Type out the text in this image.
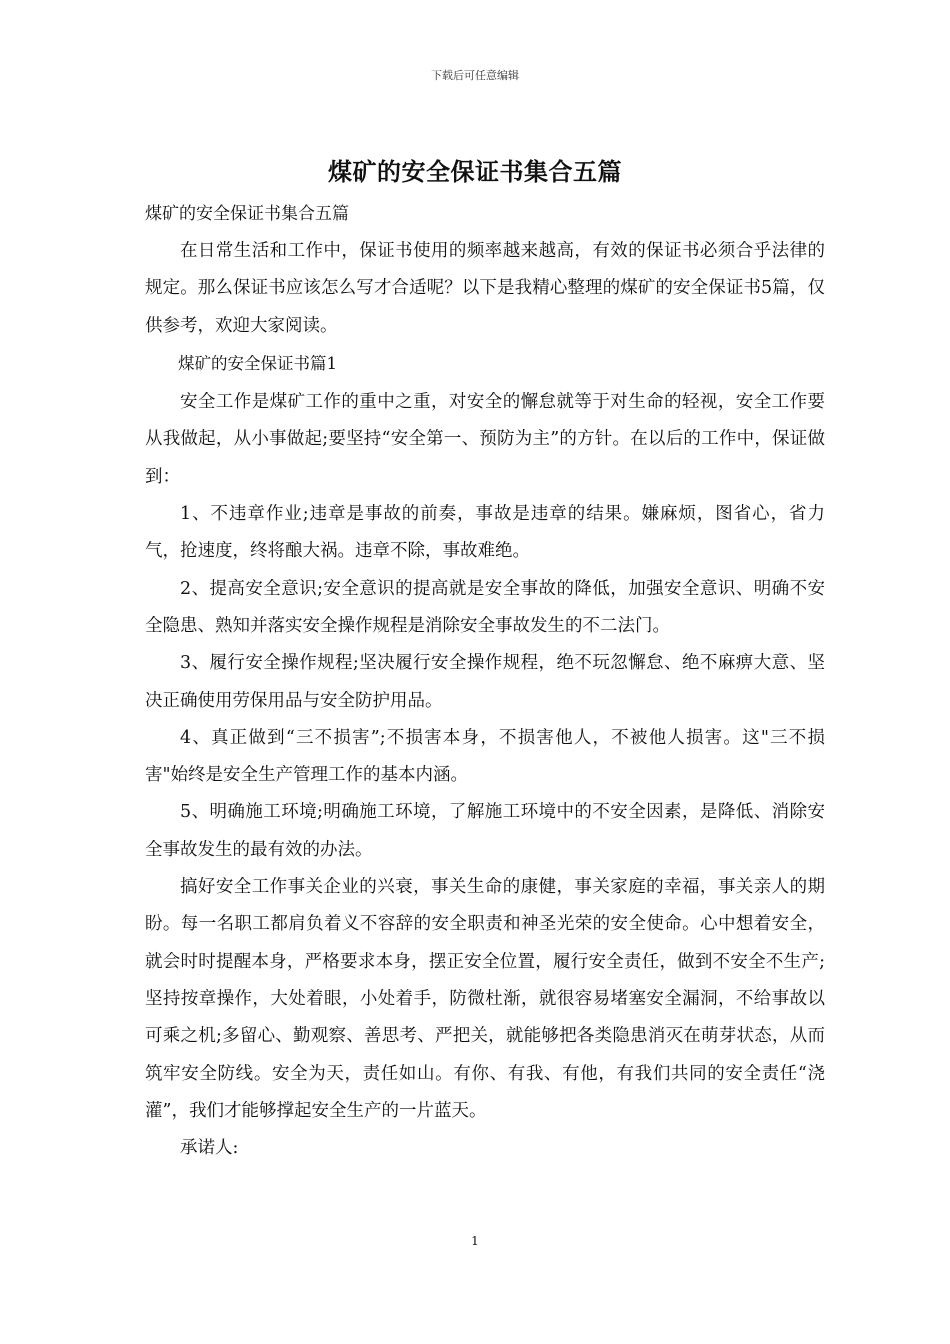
下载后可任意编辑
煤矿的安全保证书集合五篇

煤矿的安全保证书集合五篇

在日常生活和工作中，保证书使用的频率越来越高，有效的保证书必须合乎法律的规定。那么保证书应该怎么写才合适呢？以下是我精心整理的煤矿的安全保证书5篇，仅供参考，欢迎大家阅读。

煤矿的安全保证书篇1

安全工作是煤矿工作的重中之重，对安全的懈怠就等于对生命的轻视，安全工作要从我做起，从小事做起;要坚持“安全第一、预防为主”的方针。在以后的工作中，保证做到：

1、不违章作业;违章是事故的前奏，事故是违章的结果。嫌麻烦，图省心，省力气，抢速度，终将酿大祸。违章不除，事故难绝。

2、提高安全意识;安全意识的提高就是安全事故的降低，加强安全意识、明确不安全隐患、熟知并落实安全操作规程是消除安全事故发生的不二法门。

3、履行安全操作规程;坚决履行安全操作规程，绝不玩忽懈怠、绝不麻痹大意、坚决正确使用劳保用品与安全防护用品。

4、真正做到“三不损害”;不损害本身，不损害他人，不被他人损害。这"三不损害"始终是安全生产管理工作的基本内涵。

5、明确施工环境;明确施工环境，了解施工环境中的不安全因素，是降低、消除安全事故发生的最有效的办法。

搞好安全工作事关企业的兴衰，事关生命的康健，事关家庭的幸福，事关亲人的期盼。每一名职工都肩负着义不容辞的安全职责和神圣光荣的安全使命。心中想着安全，就会时时提醒本身，严格要求本身，摆正安全位置，履行安全责任，做到不安全不生产;坚持按章操作，大处着眼，小处着手，防微杜渐，就很容易堵塞安全漏洞，不给事故以可乘之机;多留心、勤观察、善思考、严把关，就能够把各类隐患消灭在萌芽状态，从而筑牢安全防线。安全为天，责任如山。有你、有我、有他，有我们共同的安全责任“浇灌”，我们才能够撑起安全生产的一片蓝天。

承诺人:

1
